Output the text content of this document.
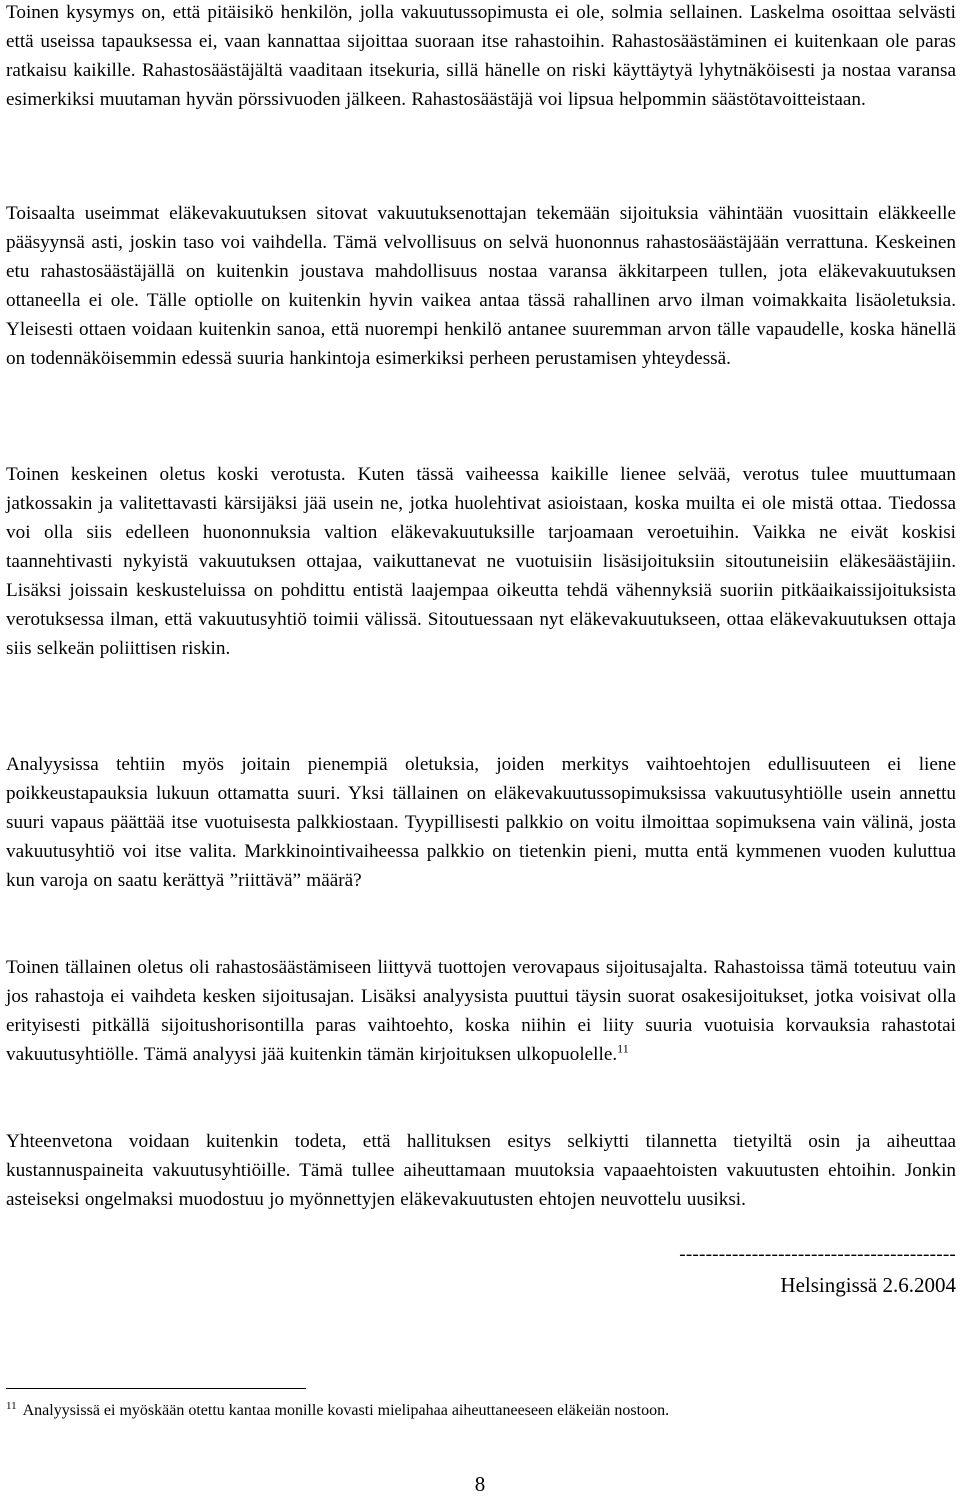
Toinen kysymys on, että pitäisikö henkilön, jolla vakuutussopimusta ei ole, solmia sellainen. Laskelma osoittaa selvästi että useissa tapauksessa ei, vaan kannattaa sijoittaa suoraan itse rahastoihin. Rahastosäästäminen ei kuitenkaan ole paras ratkaisu kaikille. Rahastosäästäjältä vaaditaan itsekuria, sillä hänelle on riski käyttäytyä lyhytnäköisesti ja nostaa varansa esimerkiksi muutaman hyvän pörssivuoden jälkeen. Rahastosäästäjä voi lipsua helpommin säästötavoitteistaan.

Toisaalta useimmat eläkevakuutuksen sitovat vakuutuksenottajan tekemään sijoituksia vähintään vuosittain eläkkeelle pääsyynsä asti, joskin taso voi vaihdella. Tämä velvollisuus on selvä huononnus rahastosäästäjään verrattuna. Keskeinen etu rahastosäästäjällä on kuitenkin joustava mahdollisuus nostaa varansa äkkitarpeen tullen, jota eläkevakuutuksen ottaneella ei ole. Tälle optiolle on kuitenkin hyvin vaikea antaa tässä rahallinen arvo ilman voimakkaita lisäoletuksia. Yleisesti ottaen voidaan kuitenkin sanoa, että nuorempi henkilö antanee suuremman arvon tälle vapaudelle, koska hänellä on todennäköisemmin edessä suuria hankintoja esimerkiksi perheen perustamisen yhteydessä.

Toinen keskeinen oletus koski verotusta. Kuten tässä vaiheessa kaikille lienee selvää, verotus tulee muuttumaan jatkossakin ja valitettavasti kärsijäksi jää usein ne, jotka huolehtivat asioistaan, koska muilta ei ole mistä ottaa. Tiedossa voi olla siis edelleen huononnuksia valtion eläkevakuutuksille tarjoamaan veroetuihin. Vaikka ne eivät koskisi taannehtivasti nykyistä vakuutuksen ottajaa, vaikuttanevat ne vuotuisiin lisäsijoituksiin sitoutuneisiin eläkesäästäjiin. Lisäksi joissain keskusteluissa on pohdittu entistä laajempaa oikeutta tehdä vähennyksiä suoriin pitkäaikaissijoituksista verotuksessa ilman, että vakuutusyhtiö toimii välissä. Sitoutuessaan nyt eläkevakuutukseen, ottaa eläkevakuutuksen ottaja siis selkeän poliittisen riskin.

Analyysissa tehtiin myös joitain pienempiä oletuksia, joiden merkitys vaihtoehtojen edullisuuteen ei liene poikkeustapauksia lukuun ottamatta suuri. Yksi tällainen on eläkevakuutussopimuksissa vakuutusyhtiölle usein annettu suuri vapaus päättää itse vuotuisesta palkkiostaan. Tyypillisesti palkkio on voitu ilmoittaa sopimuksena vain välinä, josta vakuutusyhtiö voi itse valita. Markkinointivaiheessa palkkio on tietenkin pieni, mutta entä kymmenen vuoden kuluttua kun varoja on saatu kerättyä ”riittävä” määrä?

Toinen tällainen oletus oli rahastosäästämiseen liittyvä tuottojen verovapaus sijoitusajalta. Rahastoissa tämä toteutuu vain jos rahastoja ei vaihdeta kesken sijoitusajan. Lisäksi analyysista puuttui täysin suorat osakesijoitukset, jotka voisivat olla erityisesti pitkällä sijoitushorisontilla paras vaihtoehto, koska niihin ei liity suuria vuotuisia korvauksia rahastotai vakuutusyhtiölle. Tämä analyysi jää kuitenkin tämän kirjoituksen ulkopuolelle.$^{11}$

Yhteenvetona voidaan kuitenkin todeta, että hallituksen esitys selkiytti tilannetta tietyiltä osin ja aiheuttaa kustannuspaineita vakuutusyhtiöille. Tämä tullee aiheuttamaan muutoksia vapaaehtoisten vakuutusten ehtoihin. Jonkin asteiseksi ongelmaksi muodostuu jo myönnettyjen eläkevakuutusten ehtojen neuvottelu uusiksi.

------------------------------------------
Helsingissä 2.6.2004
$^{11}$ Analyysissä ei myöskään otettu kantaa monille kovasti mielipahaa aiheuttaneeseen eläkeiän nostoon.
8
